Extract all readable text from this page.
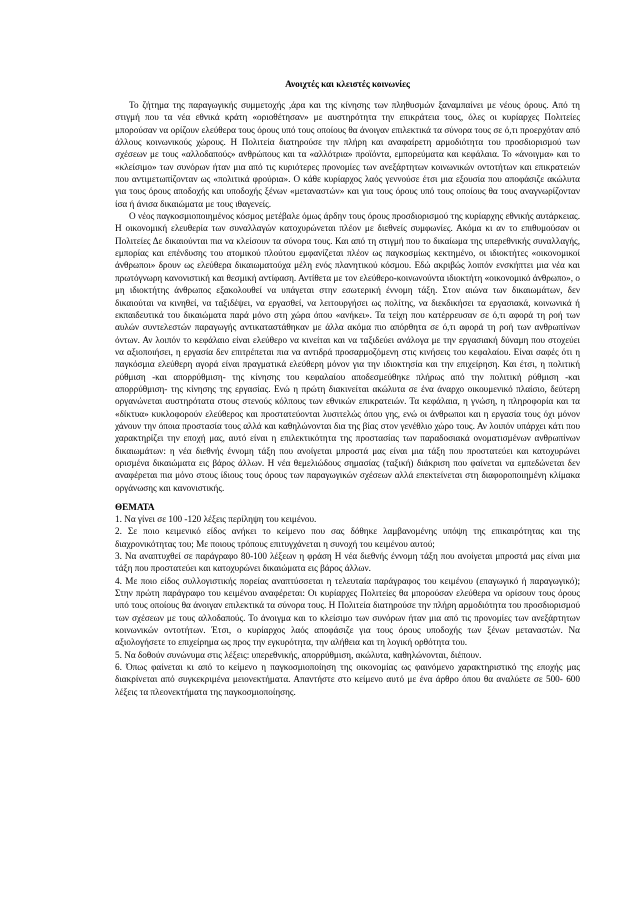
Ανοιχτές και κλειστές κοινωνίες

Το ζήτημα της παραγωγικής συμμετοχής ,άρα και της κίνησης των πληθυσμών ξαναμπαίνει με νέους όρους. Από τη στιγμή που τα νέα εθνικά κράτη «οριοθέτησαν» με αυστηρότητα την επικράτεια τους, όλες οι κυρίαρχες Πολιτείες μπορούσαν να ορίζουν ελεύθερα τους όρους υπό τους οποίους θα άνοιγαν επιλεκτικά τα σύνορα τους σε ό,τι προερχόταν από άλλους κοινωνικούς χώρους. Η Πολιτεία διατηρούσε την πλήρη και αναφαίρετη αρμοδιότητα του προσδιορισμού των σχέσεων με τους «αλλοδαπούς» ανθρώπους και τα «αλλότρια» προϊόντα, εμπορεύματα και κεφάλαια. Το «άνοιγμα» και το «κλείσιμο» των συνόρων ήταν μια από τις κυριότερες προνομίες των ανεξάρτητων κοινωνικών οντοτήτων και επικρατειών που αντιμετωπίζονταν ως «πολιτικά φρούρια». Ο κάθε κυρίαρχος λαός γεννούσε έτσι μια εξουσία που αποφάσιζε ακώλυτα για τους όρους αποδοχής και υποδοχής ξένων «μεταναστών» και για τους όρους υπό τους οποίους θα τους αναγνωρίζονταν ίσα ή άνισα δικαιώματα με τους ιθαγενείς.

Ο νέος παγκοσμιοποιημένος κόσμος μετέβαλε όμως άρδην τους όρους προσδιορισμού της κυρίαρχης εθνικής αυτάρκειας. Η οικονομική ελευθερία των συναλλαγών κατοχυρώνεται πλέον με διεθνείς συμφωνίες. Ακόμα κι αν το επιθυμούσαν οι Πολιτείες Δε δικαιούνται πια να κλείσουν τα σύνορα τους. Και από τη στιγμή που το δικαίωμα της υπερεθνικής συναλλαγής, εμπορίας και επένδυσης του ατομικού πλούτου εμφανίζεται πλέον ως παγκοσμίως κεκτημένο, οι ιδιοκτήτες «οικονομικοί άνθρωποι» δρουν ως ελεύθερα δικαιωματούχα μέλη ενός πλανητικού κόσμου. Εδώ ακριβώς λοιπόν ενσκήπτει μια νέα και πρωτόγνωρη κανονιστική και θεσμική αντίφαση. Αντίθετα με τον ελεύθερο-κοινωνούντα ιδιοκτήτη «οικονομικό άνθρωπο», ο μη ιδιοκτήτης άνθρωπος εξακολουθεί να υπάγεται στην εσωτερική έννομη τάξη. Στον αιώνα των δικαιωμάτων, δεν δικαιούται να κινηθεί, να ταξιδέψει, να εργασθεί, να λειτουργήσει ως πολίτης, να διεκδικήσει τα εργασιακά, κοινωνικά ή εκπαιδευτικά του δικαιώματα παρά μόνο στη χώρα όπου «ανήκει». Τα τείχη που κατέρρευσαν σε ό,τι αφορά τη ροή των αυλών συντελεστών παραγωγής αντικαταστάθηκαν με άλλα ακόμα πιο απόρθητα σε ό,τι αφορά τη ροή των ανθρωπίνων όντων. Αν λοιπόν το κεφάλαιο είναι ελεύθερο να κινείται και να ταξιδεύει ανάλογα με την εργασιακή δύναμη που στοχεύει να αξιοποιήσει, η εργασία δεν επιτρέπεται πια να αντιδρά προσαρμοζόμενη στις κινήσεις του κεφαλαίου. Είναι σαφές ότι η παγκόσμια ελεύθερη αγορά είναι πραγματικά ελεύθερη μόνον για την ιδιοκτησία και την επιχείρηση. Και έτσι, η πολιτική ρύθμιση -και απορρύθμιση- της κίνησης του κεφαλαίου αποδεσμεύθηκε πλήρως από την πολιτική ρύθμιση -και απορρύθμιση- της κίνησης της εργασίας. Ενώ η πρώτη διακινείται ακώλυτα σε ένα άναρχο οικουμενικό πλαίσιο, δεύτερη οργανώνεται αυστηρότατα στους στενούς κόλπους των εθνικών επικρατειών. Τα κεφάλαια, η γνώση, η πληροφορία και τα «δίκτυα» κυκλοφορούν ελεύθερος και προστατεύονται λυσιτελώς όπου γης, ενώ οι άνθρωποι και η εργασία τους όχι μόνον χάνουν την όποια προστασία τους αλλά και καθηλώνονται δια της βίας στον γενέθλιο χώρο τους. Αν λοιπόν υπάρχει κάτι που χαρακτηρίζει την εποχή μας, αυτό είναι η επιλεκτικότητα της προστασίας των παραδοσιακά ονοματισμένων ανθρωπίνων δικαιωμάτων: η νέα διεθνής έννομη τάξη που ανοίγεται μπροστά μας είναι μια τάξη που προστατεύει και κατοχυρώνει ορισμένα δικαιώματα εις βάρος άλλων. Η νέα θεμελιώδους σημασίας (ταξική) διάκριση που φαίνεται να εμπεδώνεται δεν αναφέρεται πια μόνο στους ίδιους τους όρους των παραγωγικών σχέσεων αλλά επεκτείνεται στη διαφοροποιημένη κλίμακα οργάνωσης και κανονιστικής.

ΘΕΜΑΤΑ
1. Να γίνει σε 100 -120 λέξεις περίληψη του κειμένου.
2. Σε ποιο κειμενικό είδος ανήκει το κείμενο που σας δόθηκε λαμβανομένης υπόψη της επικαιρότητας και της διαχρονικότητας του; Με ποιους τρόπους επιτυγχάνεται η συνοχή του κειμένου αυτού;
3. Να αναπτυχθεί σε παράγραφο 80-100 λέξεων η φράση Η νέα διεθνής έννομη τάξη που ανοίγεται μπροστά μας είναι μια τάξη που προστατεύει και κατοχυρώνει δικαιώματα εις βάρος άλλων.
4. Με ποιο είδος συλλογιστικής πορείας αναπτύσσεται η τελευταία παράγραφος του κειμένου (επαγωγικό ή παραγωγικό); Στην πρώτη παράγραφο του κειμένου αναφέρεται: Οι κυρίαρχες Πολιτείες θα μπορούσαν ελεύθερα να ορίσουν τους όρους υπό τους οποίους θα άνοιγαν επιλεκτικά τα σύνορα τους. Η Πολιτεία διατηρούσε την πλήρη αρμοδιότητα του προσδιορισμού των σχέσεων με τους αλλοδαπούς. Το άνοιγμα και το κλείσιμο των συνόρων ήταν μια από τις προνομίες των ανεξάρτητων κοινωνικών οντοτήτων. Έτσι, ο κυρίαρχος λαός αποφάσιζε για τους όρους υποδοχής των ξένων μεταναστών. Να αξιολογήσετε το επιχείρημα ως προς την εγκυρότητα, την αλήθεια και τη λογική ορθότητα του.
5. Να δοθούν συνώνυμα στις λέξεις: υπερεθνικής, απορρύθμιση, ακώλυτα, καθηλώνονται, διέπουν.
6. Όπως φαίνεται κι από το κείμενο η παγκοσμιοποίηση της οικονομίας ως φαινόμενο χαρακτηριστικό της εποχής μας διακρίνεται από συγκεκριμένα μειονεκτήματα. Απαντήστε στο κείμενο αυτό με ένα άρθρο όπου θα αναλύετε σε 500- 600 λέξεις τα πλεονεκτήματα της παγκοσμιοποίησης.
